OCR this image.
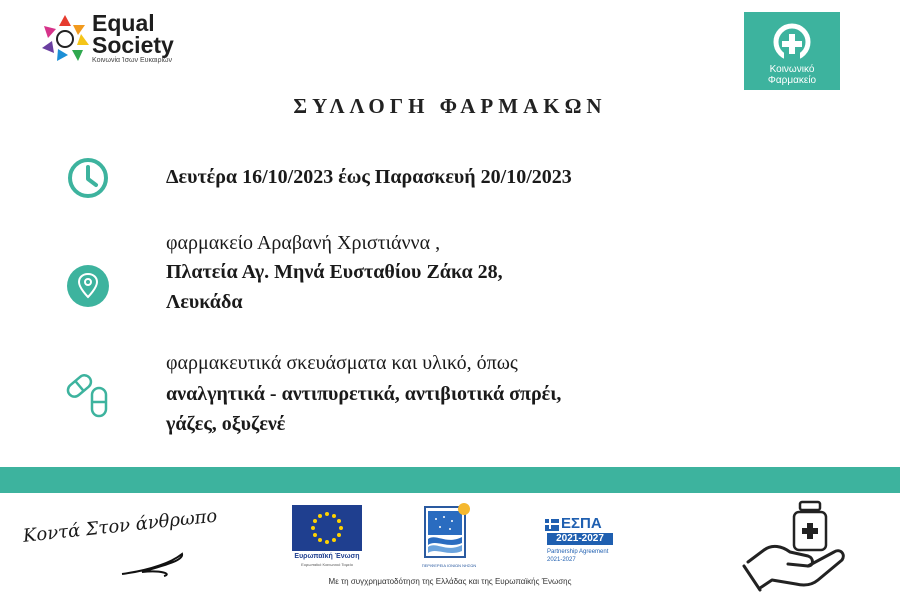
Equal
Society
Κοινωνία Ίσων Ευκαιριών
Κοινωνικό
Φαρμακείο
ΣΥΛΛΟΓΗ ΦΑΡΜΑΚΩΝ
Δευτέρα 16/10/2023 έως Παρασκευή 20/10/2023
φαρμακείο Αραβανή Χριστιάννα ,
Πλατεία Αγ. Μηνά Ευσταθίου Ζάκα 28,
Λευκάδα
φαρμακευτικά σκευάσματα και υλικό, όπως
αναλγητικά - αντιπυρετικά, αντιβιοτικά σπρέι,
γάζες, οξυζενέ
Κοντά Στον άνθρωπο
Ευρωπαϊκή Ένωση
Ευρωπαϊκό Κοινωνικό Ταμείο	ΠΕΡΙΦΕΡΕΙΑ ΙΟΝΙΩΝ ΝΗΣΩΝ
ΕΣΠΑ
2021-2027
Partnership Agreement
2021-2027
Με τη συγχρηματοδότηση της Ελλάδας και της Ευρωπαϊκής Ένωσης
